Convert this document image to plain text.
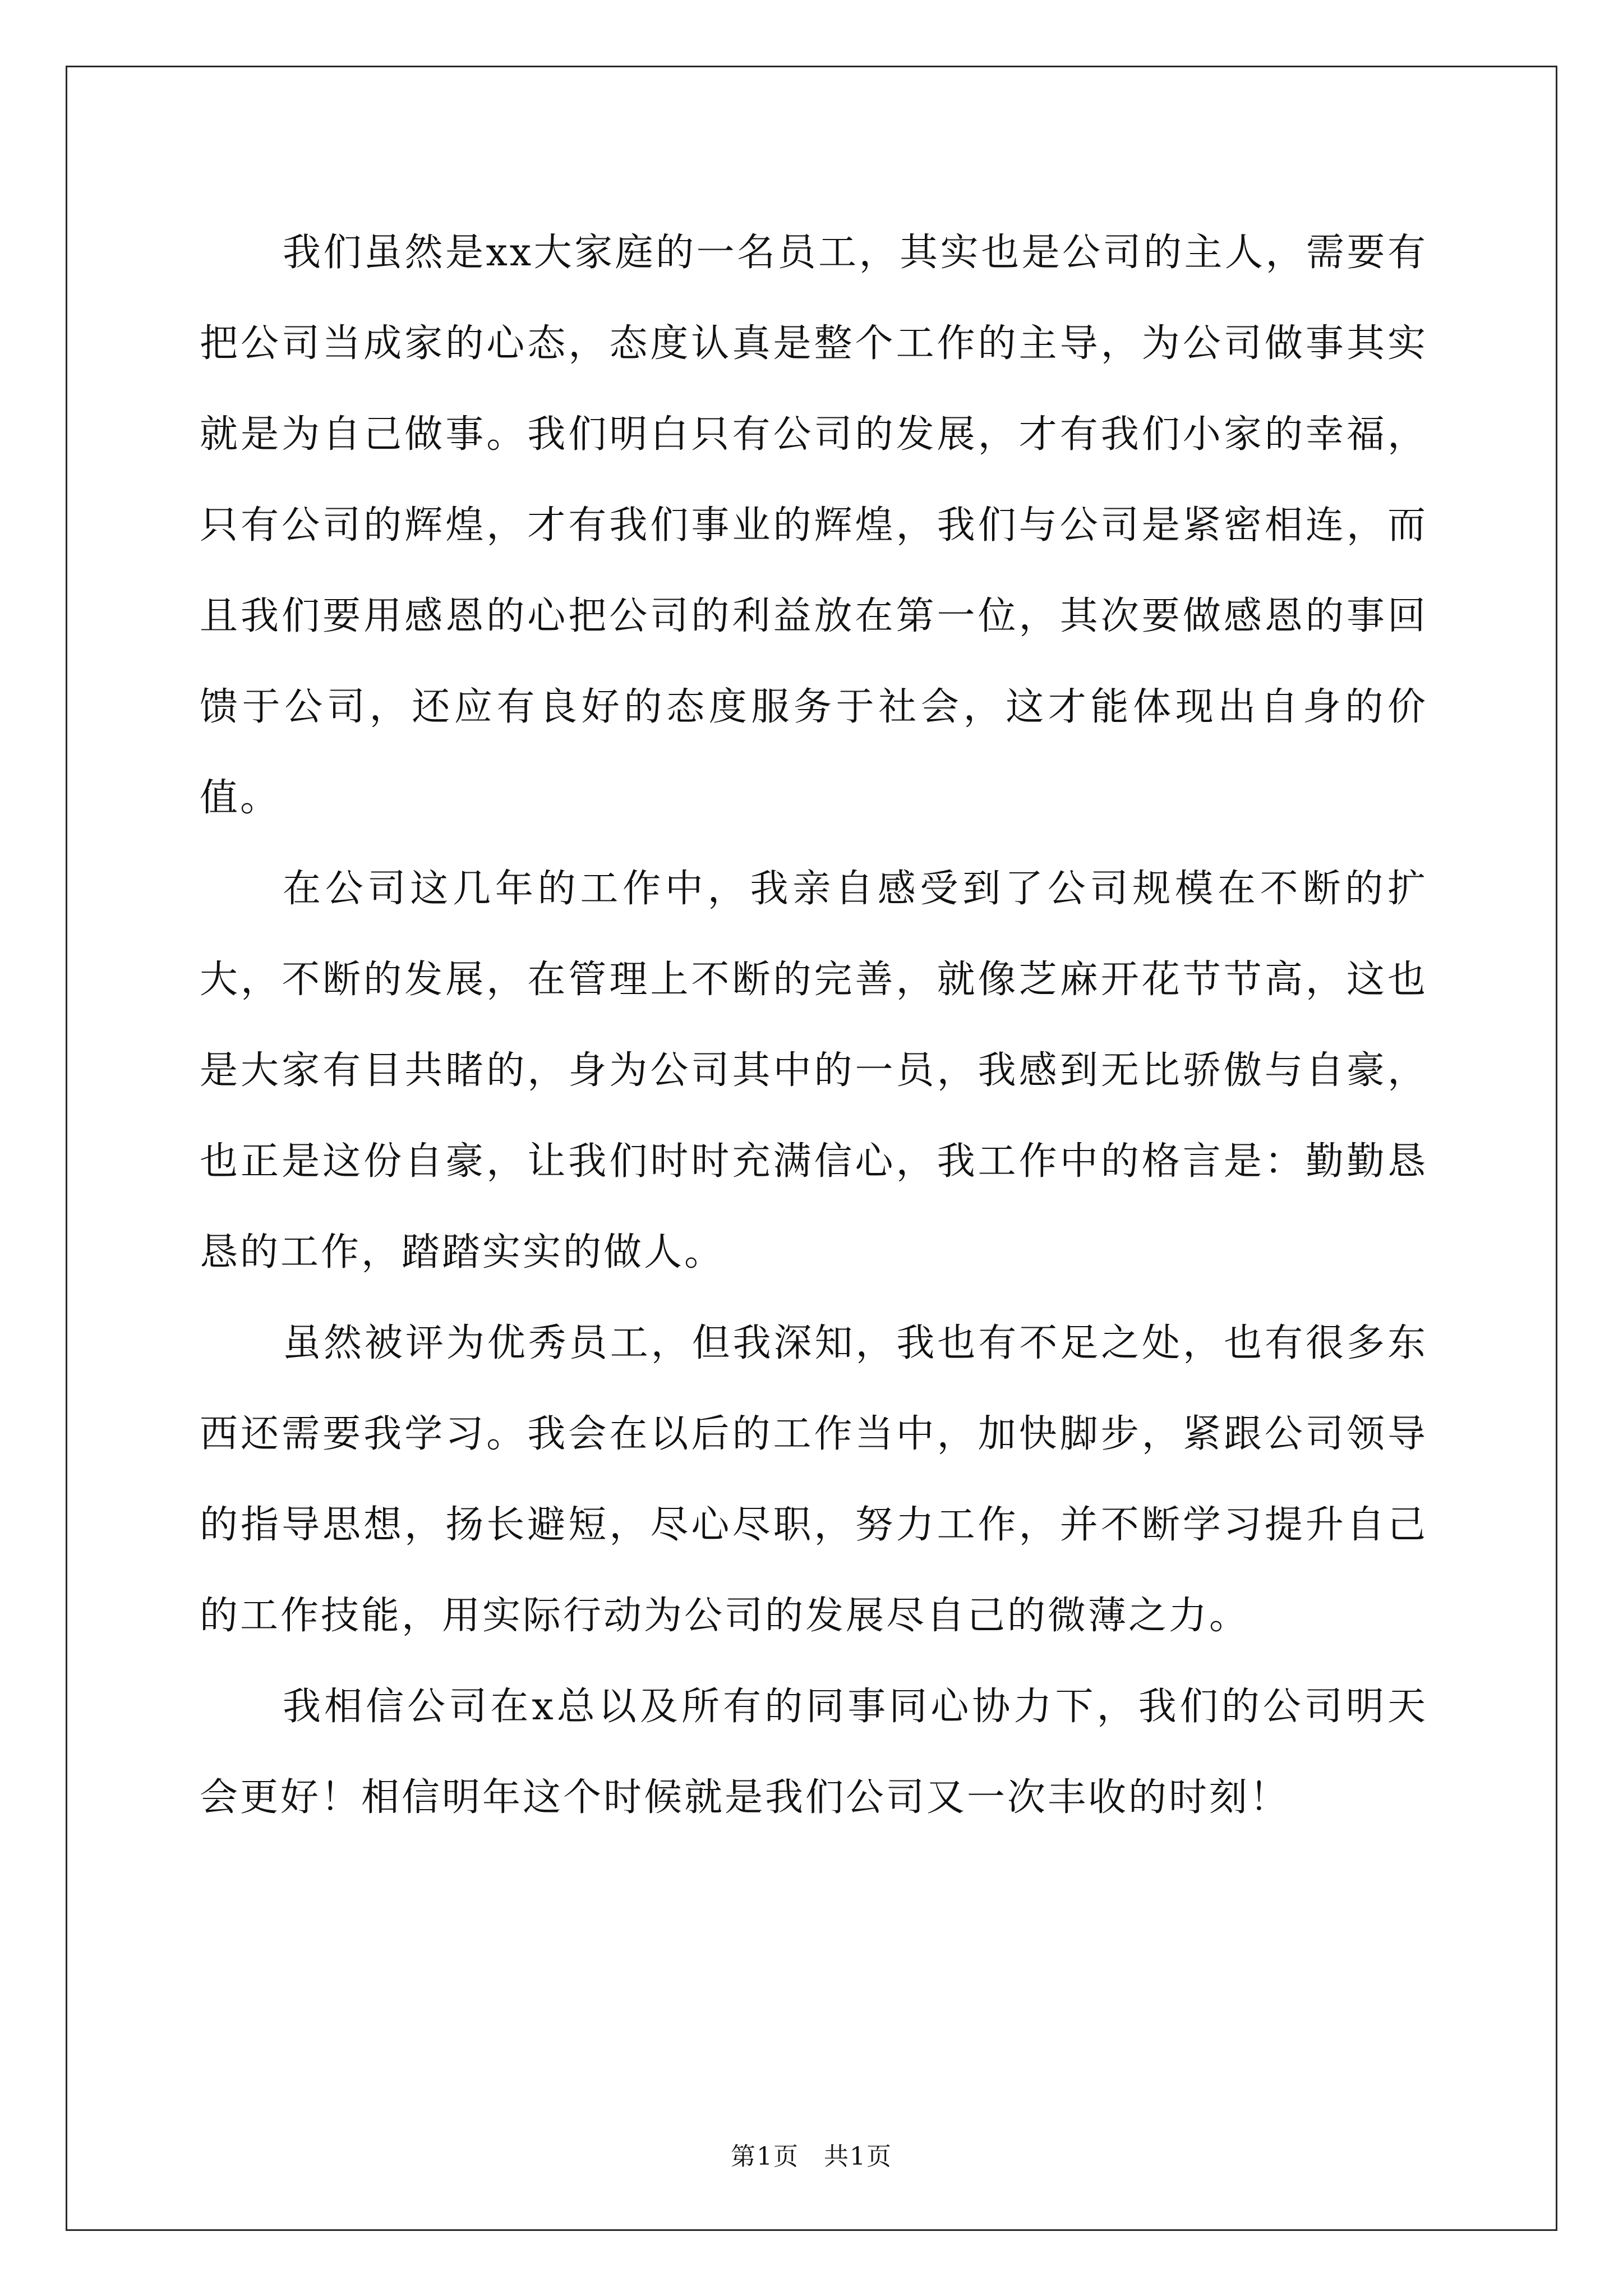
我们虽然是xx大家庭的一名员工，其实也是公司的主人，需要有把公司当成家的心态，态度认真是整个工作的主导，为公司做事其实就是为自己做事。我们明白只有公司的发展，才有我们小家的幸福，只有公司的辉煌，才有我们事业的辉煌，我们与公司是紧密相连，而且我们要用感恩的心把公司的利益放在第一位，其次要做感恩的事回馈于公司，还应有良好的态度服务于社会，这才能体现出自身的价值。

在公司这几年的工作中，我亲自感受到了公司规模在不断的扩大，不断的发展，在管理上不断的完善，就像芝麻开花节节高，这也是大家有目共睹的，身为公司其中的一员，我感到无比骄傲与自豪，也正是这份自豪，让我们时时充满信心，我工作中的格言是：勤勤恳恳的工作，踏踏实实的做人。

虽然被评为优秀员工，但我深知，我也有不足之处，也有很多东西还需要我学习。我会在以后的工作当中，加快脚步，紧跟公司领导的指导思想，扬长避短，尽心尽职，努力工作，并不断学习提升自己的工作技能，用实际行动为公司的发展尽自己的微薄之力。

我相信公司在x总以及所有的同事同心协力下，我们的公司明天会更好！相信明年这个时候就是我们公司又一次丰收的时刻！

第1页 共1页
